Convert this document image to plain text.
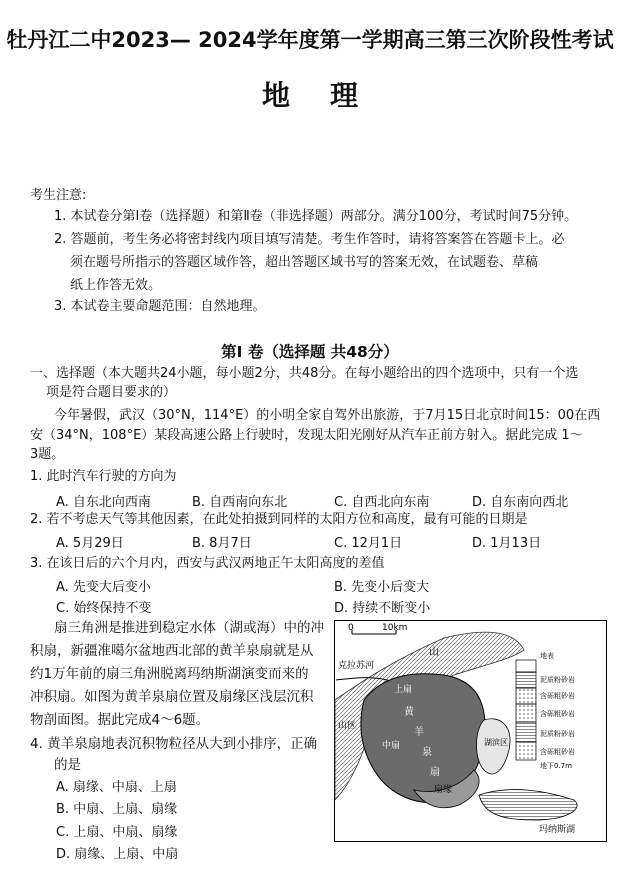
牡丹江二中2023— 2024学年度第一学期高三第三次阶段性考试
地理
考生注意:
1. 本试卷分第I卷（选择题）和第Ⅱ卷（非选择题）两部分。满分100分，考试时间75分钟。
2. 答题前，考生务必将密封线内项目填写清楚。考生作答时，请将答案答在答题卡上。必
须在题号所指示的答题区域作答，超出答题区域书写的答案无效，在试题卷、草稿
纸上作答无效。
3. 本试卷主要命题范围：自然地理。
第Ⅰ 卷（选择题 共48分）
一、选择题（本大题共24小题，每小题2分，共48分。在每小题给出的四个选项中，只有一个选
项是符合题目要求的）
今年暑假，武汉（30°N，114°E）的小明全家自驾外出旅游，于7月15日北京时间15：00在西
安（34°N，108°E）某段高速公路上行驶时，发现太阳光刚好从汽车正前方射入。据此完成 1～
3题。
1. 此时汽车行驶的方向为
A. 自东北向西南	B. 自西南向东北	C. 自西北向东南	D. 自东南向西北
2. 若不考虑天气等其他因素，在此处拍摄到同样的太阳方位和高度，最有可能的日期是
A. 5月29日	B. 8月7日	C. 12月1日	D. 1月13日
3. 在该日后的六个月内，西安与武汉两地正午太阳高度的差值
A. 先变大后变小	B. 先变小后变大
C. 始终保持不变	D. 持续不断变小
扇三角洲是推进到稳定水体（湖或海）中的冲
积扇，新疆准噶尔盆地西北部的黄羊泉扇就是从
约1万年前的扇三角洲脱离玛纳斯湖演变而来的
冲积扇。如图为黄羊泉扇位置及扇缘区浅层沉积
物剖面图。据此完成4～6题。
4. 黄羊泉扇地表沉积物粒径从大到小排序，正确
的是
A. 扇缘、中扇、上扇
B. 中扇、上扇、扇缘
C. 上扇、中扇、扇缘
D. 扇缘、上扇、中扇
0	10km
克拉苏河
山
山区
上扇
黄
羊
中扇
泉
扇
扇缘
湖滨区
玛纳斯湖
地表
泥质粉砂岩
含砾粗砂岩
含砾粗砂岩
泥质粉砂岩
含砾粗砂岩
地下0.7m
